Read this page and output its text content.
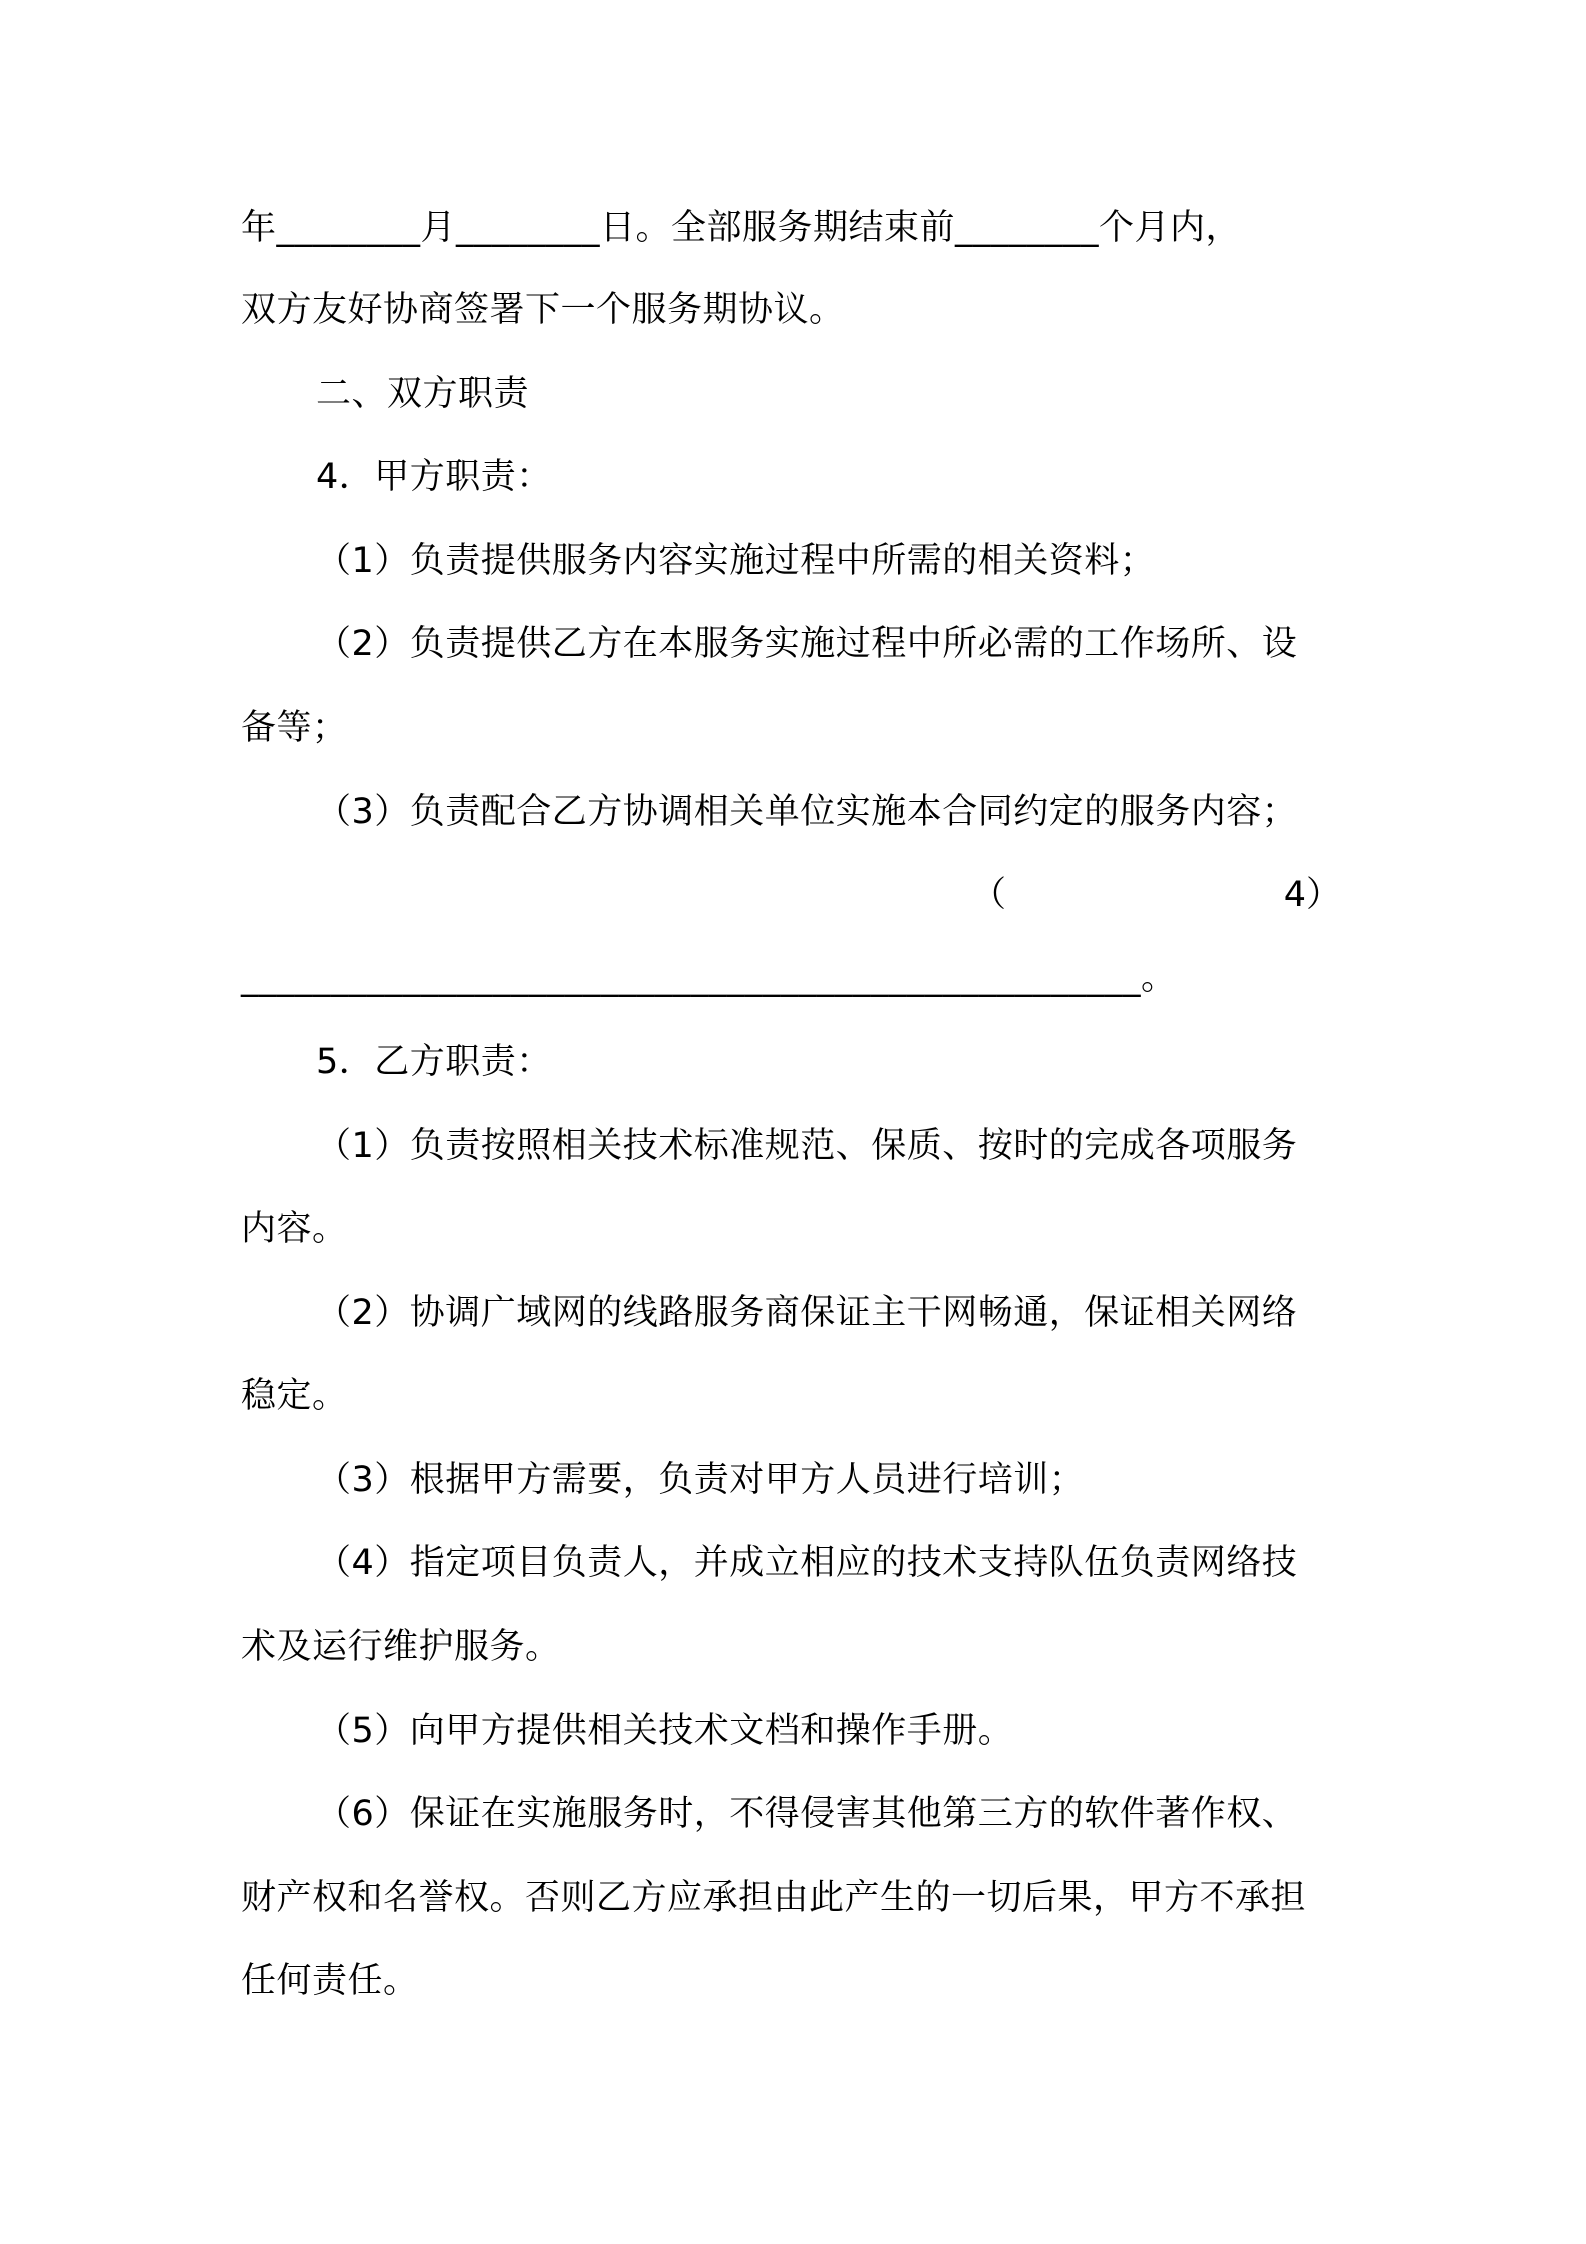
年________月________日。全部服务期结束前________个月内，
双方友好协商签署下一个服务期协议。
二、双方职责
4．甲方职责：
（1）负责提供服务内容实施过程中所需的相关资料；
（2）负责提供乙方在本服务实施过程中所必需的工作场所、设
备等；
（3）负责配合乙方协调相关单位实施本合同约定的服务内容；
（	4）
__________________________________________________。
5．乙方职责：
（1）负责按照相关技术标准规范、保质、按时的完成各项服务
内容。
（2）协调广域网的线路服务商保证主干网畅通，保证相关网络
稳定。
（3）根据甲方需要，负责对甲方人员进行培训；
（4）指定项目负责人，并成立相应的技术支持队伍负责网络技
术及运行维护服务。
（5）向甲方提供相关技术文档和操作手册。
（6）保证在实施服务时，不得侵害其他第三方的软件著作权、
财产权和名誉权。否则乙方应承担由此产生的一切后果，甲方不承担
任何责任。
